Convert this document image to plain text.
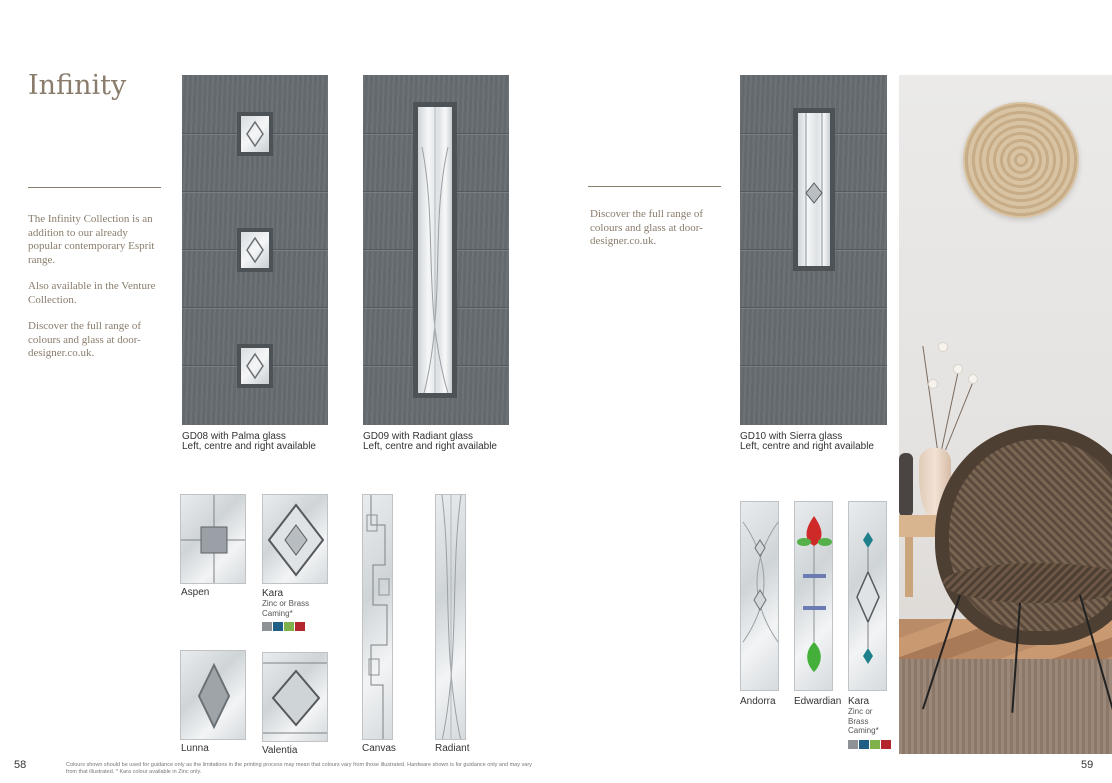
Infinity

The Infinity Collection is an addition to our already popular contemporary Esprit range.

Also available in the Venture Collection.

Discover the full range of colours and glass at door-designer.co.uk.

GD08 with Palma glass
Left, centre and right available
GD09 with Radiant glass
Left, centre and right available
Aspen	Kara
Zinc or Brass Caming*
Lunna	Valentia	Canvas	Radiant
58	Colours shown should be used for guidance only as the limitations in the printing process may mean that colours vary from those illustrated. Hardware shown is for guidance only and may vary from that illustrated. * Kara colour available in Zinc only.
Discover the full range of colours and glass at door-designer.co.uk.
GD10 with Sierra glass
Left, centre and right available
Andorra Edwardian Kara
Zinc or Brass Caming*
59
